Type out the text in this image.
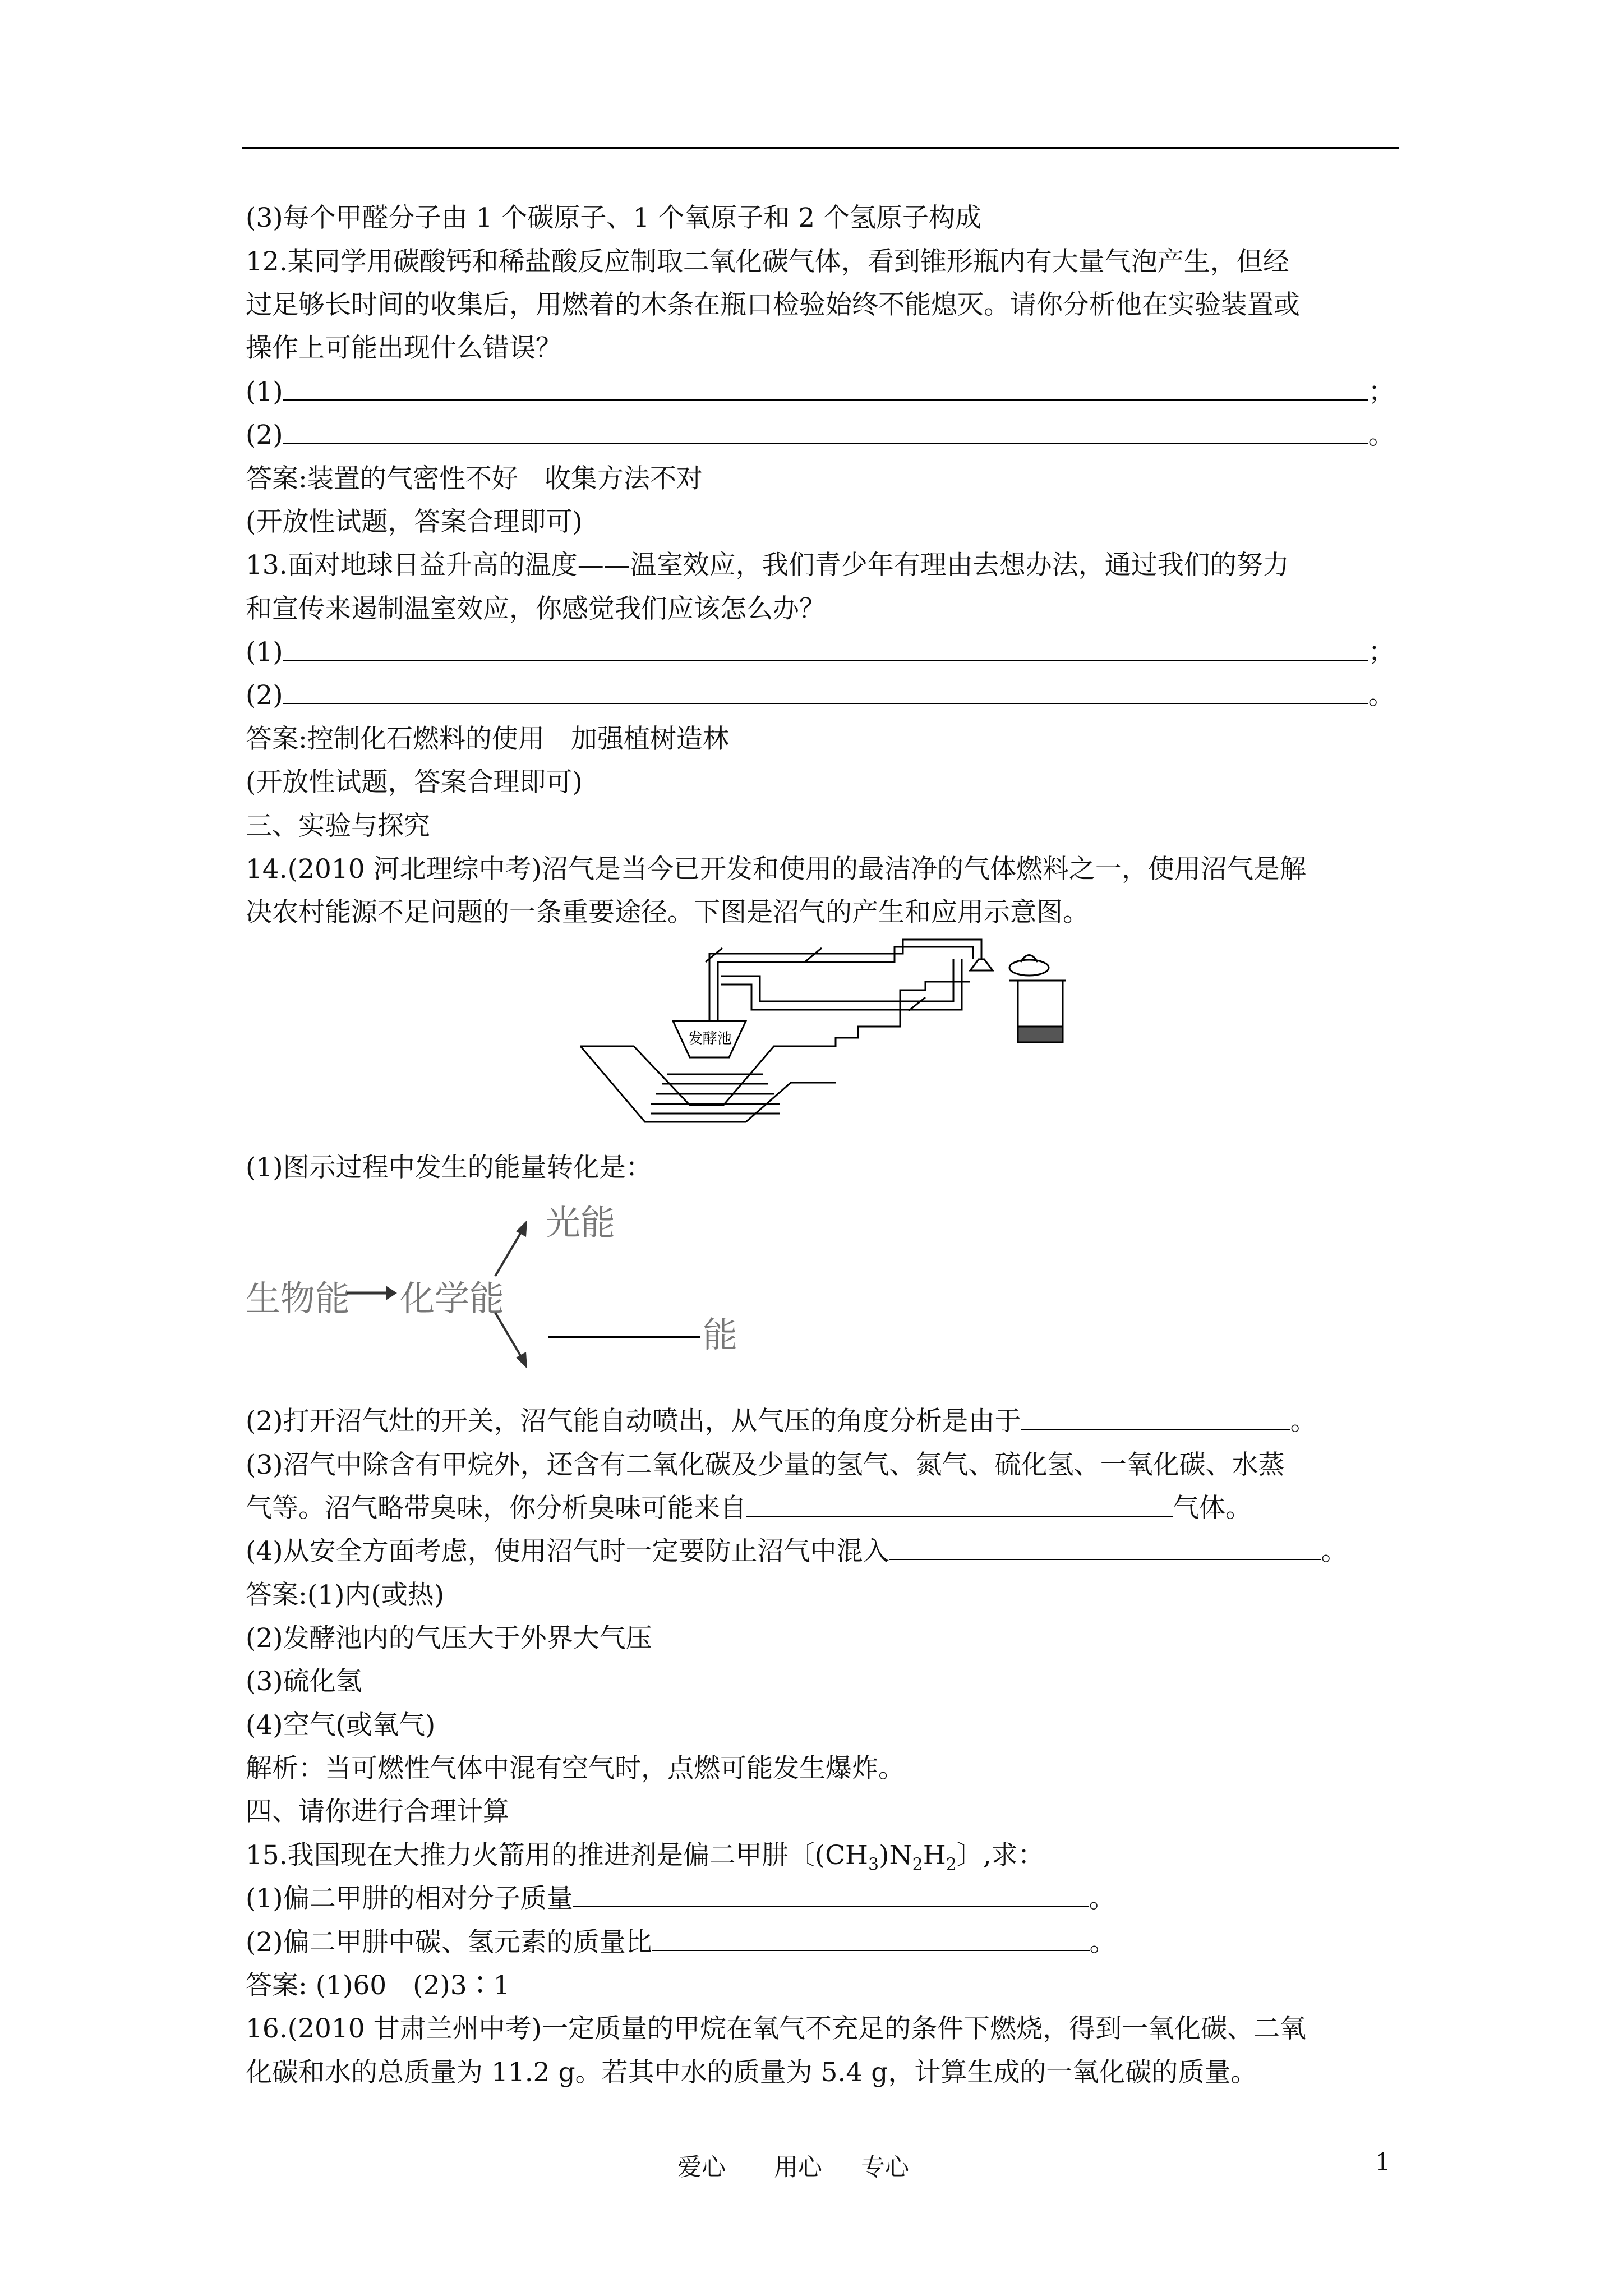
(3)每个甲醛分子由 1 个碳原子、1 个氧原子和 2 个氢原子构成
12.某同学用碳酸钙和稀盐酸反应制取二氧化碳气体，看到锥形瓶内有大量气泡产生，但经
过足够长时间的收集后，用燃着的木条在瓶口检验始终不能熄灭。请你分析他在实验装置或
操作上可能出现什么错误？
(1)	；
(2)	。
答案:装置的气密性不好　收集方法不对
(开放性试题，答案合理即可)
13.面对地球日益升高的温度——温室效应，我们青少年有理由去想办法，通过我们的努力
和宣传来遏制温室效应，你感觉我们应该怎么办？
(1)	；
(2)	。
答案:控制化石燃料的使用　加强植树造林
(开放性试题，答案合理即可)
三、实验与探究
14.(2010 河北理综中考)沼气是当今已开发和使用的最洁净的气体燃料之一，使用沼气是解
决农村能源不足问题的一条重要途径。下图是沼气的产生和应用示意图。
发酵池
(1)图示过程中发生的能量转化是：
生物能 化学能
光能
能
(2)打开沼气灶的开关，沼气能自动喷出，从气压的角度分析是由于	。
(3)沼气中除含有甲烷外，还含有二氧化碳及少量的氢气、氮气、硫化氢、一氧化碳、水蒸
气等。沼气略带臭味，你分析臭味可能来自	气体。
(4)从安全方面考虑，使用沼气时一定要防止沼气中混入	。
答案:(1)内(或热)
(2)发酵池内的气压大于外界大气压
(3)硫化氢
(4)空气(或氧气)
解析：当可燃性气体中混有空气时，点燃可能发生爆炸。
四、请你进行合理计算
15.我国现在大推力火箭用的推进剂是偏二甲肼〔$(CH_3)N_2H_2$〕,求：
(1)偏二甲肼的相对分子质量	。
(2)偏二甲肼中碳、氢元素的质量比	。
答案: (1)60　(2)3∶1
16.(2010 甘肃兰州中考)一定质量的甲烷在氧气不充足的条件下燃烧，得到一氧化碳、二氧
化碳和水的总质量为 11.2 g。若其中水的质量为 5.4 g，计算生成的一氧化碳的质量。
爱心 用心 专心	1
